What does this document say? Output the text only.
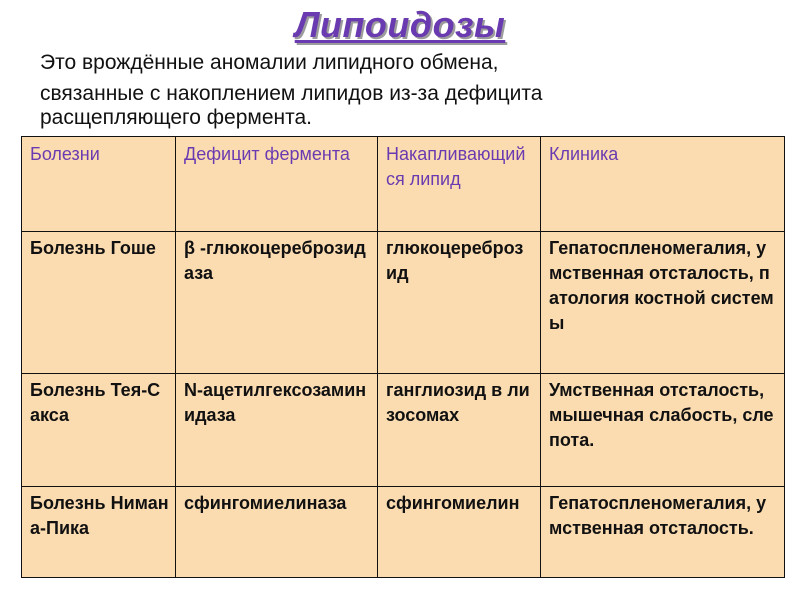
Липоидозы

Это врождённые аномалии липидного обмена,
связанные с накоплением липидов из-за дефицита
расщепляющего фермента.

Болезни	Дефицит фермента	Накапливающийся липид	Клиника
Болезнь Гоше	β -глюкоцереброзидаза	глюкоцереброзид	Гепатоспленомегалия, умственная отсталость, патология костной системы
Болезнь Тея-Сакса	N-ацетилгексозаминидаза	ганглиозид в лизосомах	Умственная отсталость, мышечная слабость, слепота.
Болезнь Нимана-Пика	сфингомиелиназа	сфингомиелин	Гепатоспленомегалия, умственная отсталость.
